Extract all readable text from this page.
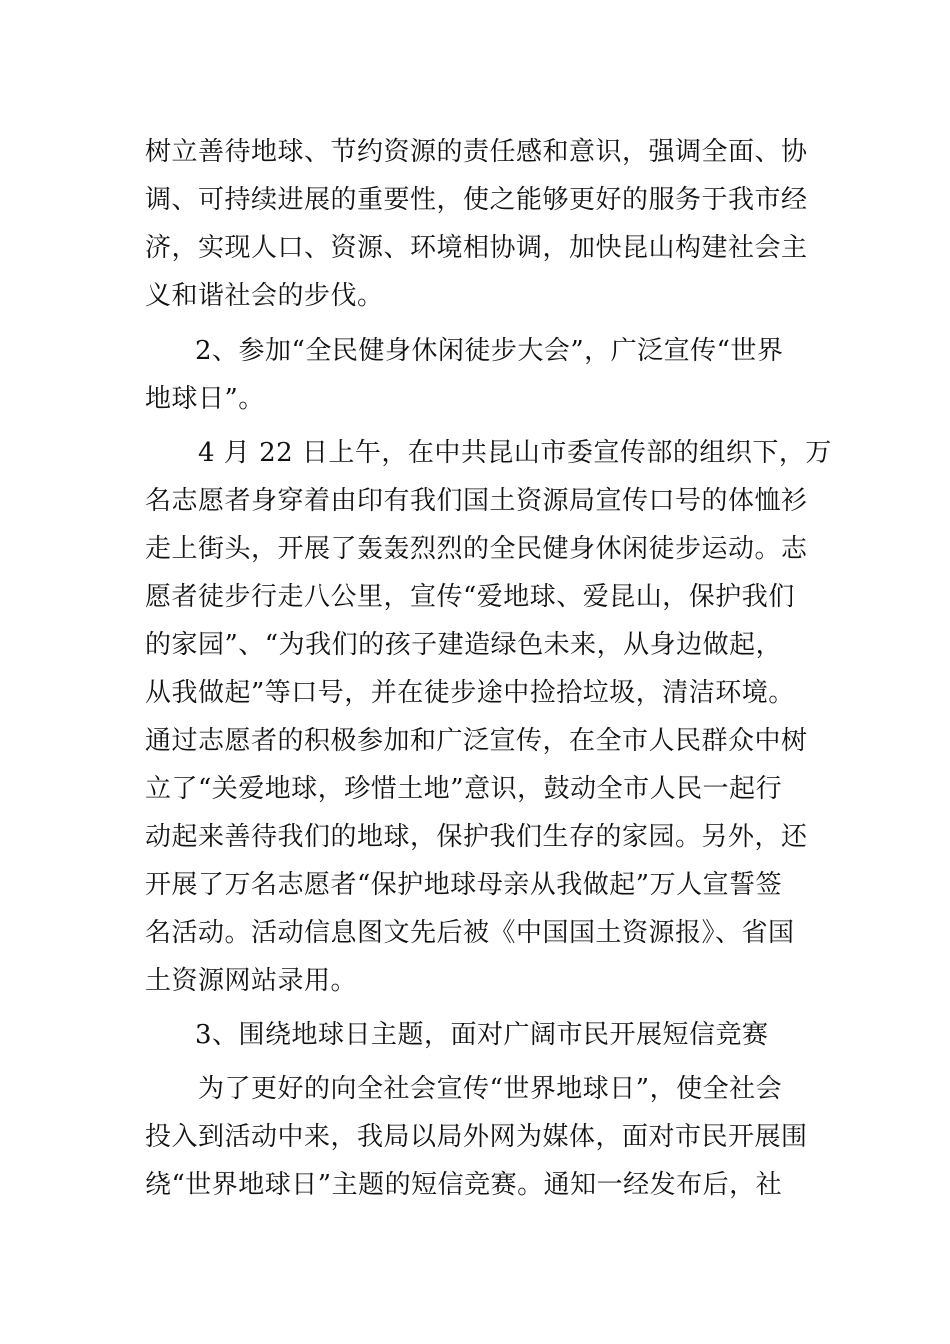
树立善待地球、节约资源的责任感和意识，强调全面、协
调、可持续进展的重要性，使之能够更好的服务于我市经
济，实现人口、资源、环境相协调，加快昆山构建社会主
义和谐社会的步伐。
2、参加“全民健身休闲徒步大会”，广泛宣传“世界
地球日”。
4 月 22 日上午，在中共昆山市委宣传部的组织下，万
名志愿者身穿着由印有我们国土资源局宣传口号的体恤衫
走上街头，开展了轰轰烈烈的全民健身休闲徒步运动。志
愿者徒步行走八公里，宣传“爱地球、爱昆山，保护我们
的家园”、“为我们的孩子建造绿色未来，从身边做起，
从我做起”等口号，并在徒步途中捡拾垃圾，清洁环境。
通过志愿者的积极参加和广泛宣传，在全市人民群众中树
立了“关爱地球，珍惜土地”意识，鼓动全市人民一起行
动起来善待我们的地球，保护我们生存的家园。另外，还
开展了万名志愿者“保护地球母亲从我做起”万人宣誓签
名活动。活动信息图文先后被《中国国土资源报》、省国
土资源网站录用。
3、围绕地球日主题，面对广阔市民开展短信竞赛
为了更好的向全社会宣传“世界地球日”，使全社会
投入到活动中来，我局以局外网为媒体，面对市民开展围
绕“世界地球日”主题的短信竞赛。通知一经发布后，社
